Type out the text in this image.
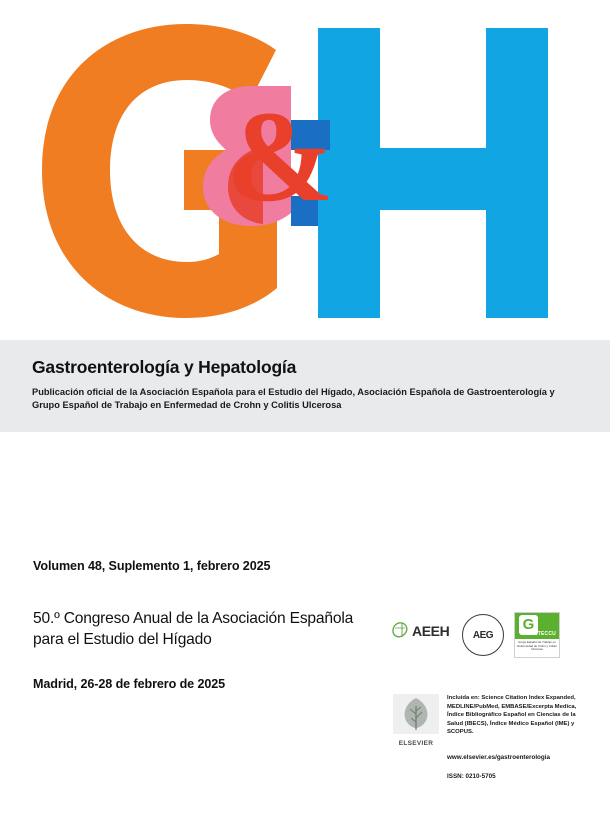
&
Gastroenterología y Hepatología
Publicación oficial de la Asociación Española para el Estudio del Hígado, Asociación Española de Gastroenterología y Grupo Español de Trabajo en Enfermedad de Crohn y Colitis Ulcerosa
Volumen 48, Suplemento 1, febrero 2025
50.º Congreso Anual de la Asociación Española para el Estudio del Hígado
Madrid, 26-28 de febrero de 2025
AEEH AEG
G
GETECCU
Grupo Español de Trabajo en Enfermedad de Crohn y Colitis Ulcerosa
ELSEVIER
Incluida en: Science Citation Index Expanded, MEDLINE/PubMed, EMBASE/Excerpta Medica, Índice Bibliográfico Español en Ciencias de la Salud (IBECS), Índice Médico Español (IME) y SCOPUS.
www.elsevier.es/gastroenterologia
ISSN: 0210-5705
